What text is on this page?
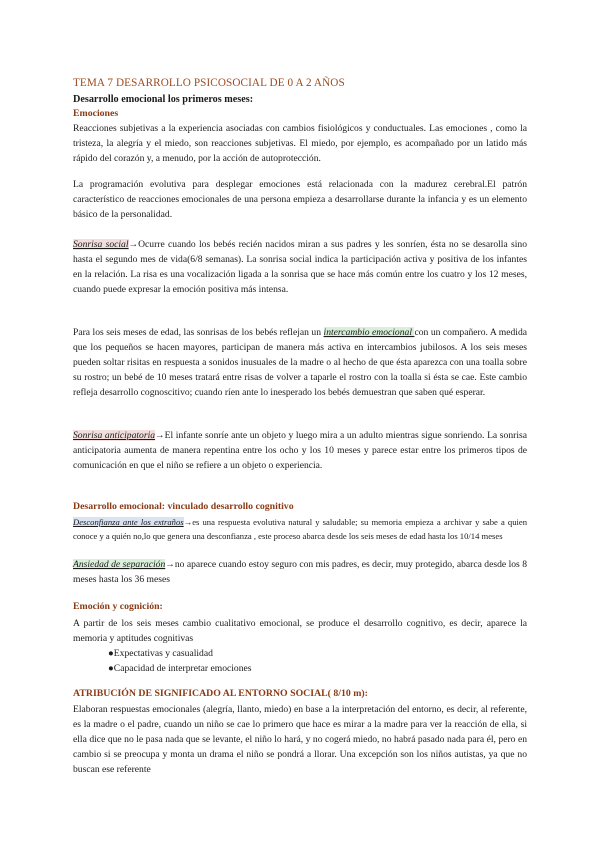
TEMA 7 DESARROLLO PSICOSOCIAL DE 0 A 2 AÑOS
Desarrollo emocional los primeros meses:
Emociones
Reacciones subjetivas a la experiencia asociadas con cambios fisiológicos y conductuales. Las emociones , como la tristeza, la alegría y el miedo, son reacciones subjetivas. El miedo, por ejemplo, es acompañado por un latido más rápido del corazón y, a menudo, por la acción de autoprotección.
La programación evolutiva para desplegar emociones está relacionada con la madurez cerebral.El patrón característico de reacciones emocionales de una persona empieza a desarrollarse durante la infancia y es un elemento básico de la personalidad.
Sonrisa social→Ocurre cuando los bebés recién nacidos miran a sus padres y les sonríen, ésta no se desarolla sino hasta el segundo mes de vida(6/8 semanas). La sonrisa social indica la participación activa y positiva de los infantes en la relación. La risa es una vocalización ligada a la sonrisa que se hace más común entre los cuatro y los 12 meses, cuando puede expresar la emoción positiva más intensa.
Para los seis meses de edad, las sonrisas de los bebés reflejan un intercambio emocional con un compañero. A medida que los pequeños se hacen mayores, participan de manera más activa en intercambios jubilosos. A los seis meses pueden soltar risitas en respuesta a sonidos inusuales de la madre o al hecho de que ésta aparezca con una toalla sobre su rostro; un bebé de 10 meses tratará entre risas de volver a taparle el rostro con la toalla si ésta se cae. Este cambio refleja desarrollo cognoscitivo; cuando ríen ante lo inesperado los bebés demuestran que saben qué esperar.
Sonrisa anticipatoria→El infante sonríe ante un objeto y luego mira a un adulto mientras sigue sonriendo. La sonrisa anticipatoria aumenta de manera repentina entre los ocho y los 10 meses y parece estar entre los primeros tipos de comunicación en que el niño se refiere a un objeto o experiencia.
Desarrollo emocional: vinculado desarrollo cognitivo
Desconfianza ante los extraños→es una respuesta evolutiva natural y saludable; su memoria empieza a archivar y sabe a quien conoce y a quién no,lo que genera una desconfianza , este proceso abarca desde los seis meses de edad hasta los 10/14 meses
Ansiedad de separación→no aparece cuando estoy seguro con mis padres, es decir, muy protegido, abarca desde los 8 meses hasta los 36 meses
Emoción y cognición:
A partir de los seis meses cambio cualitativo emocional, se produce el desarrollo cognitivo, es decir, aparece la memoria y aptitudes cognitivas
●Expectativas y casualidad
●Capacidad de interpretar emociones
ATRIBUCIÓN DE SIGNIFICADO AL ENTORNO SOCIAL( 8/10 m):
Elaboran respuestas emocionales (alegría, llanto, miedo) en base a la interpretación del entorno, es decir, al referente, es la madre o el padre, cuando un niño se cae lo primero que hace es mirar a la madre para ver la reacción de ella, si ella dice que no le pasa nada que se levante, el niño lo hará, y no cogerá miedo, no habrá pasado nada para él, pero en cambio si se preocupa y monta un drama el niño se pondrá a llorar. Una excepción son los niños autistas, ya que no buscan ese referente
